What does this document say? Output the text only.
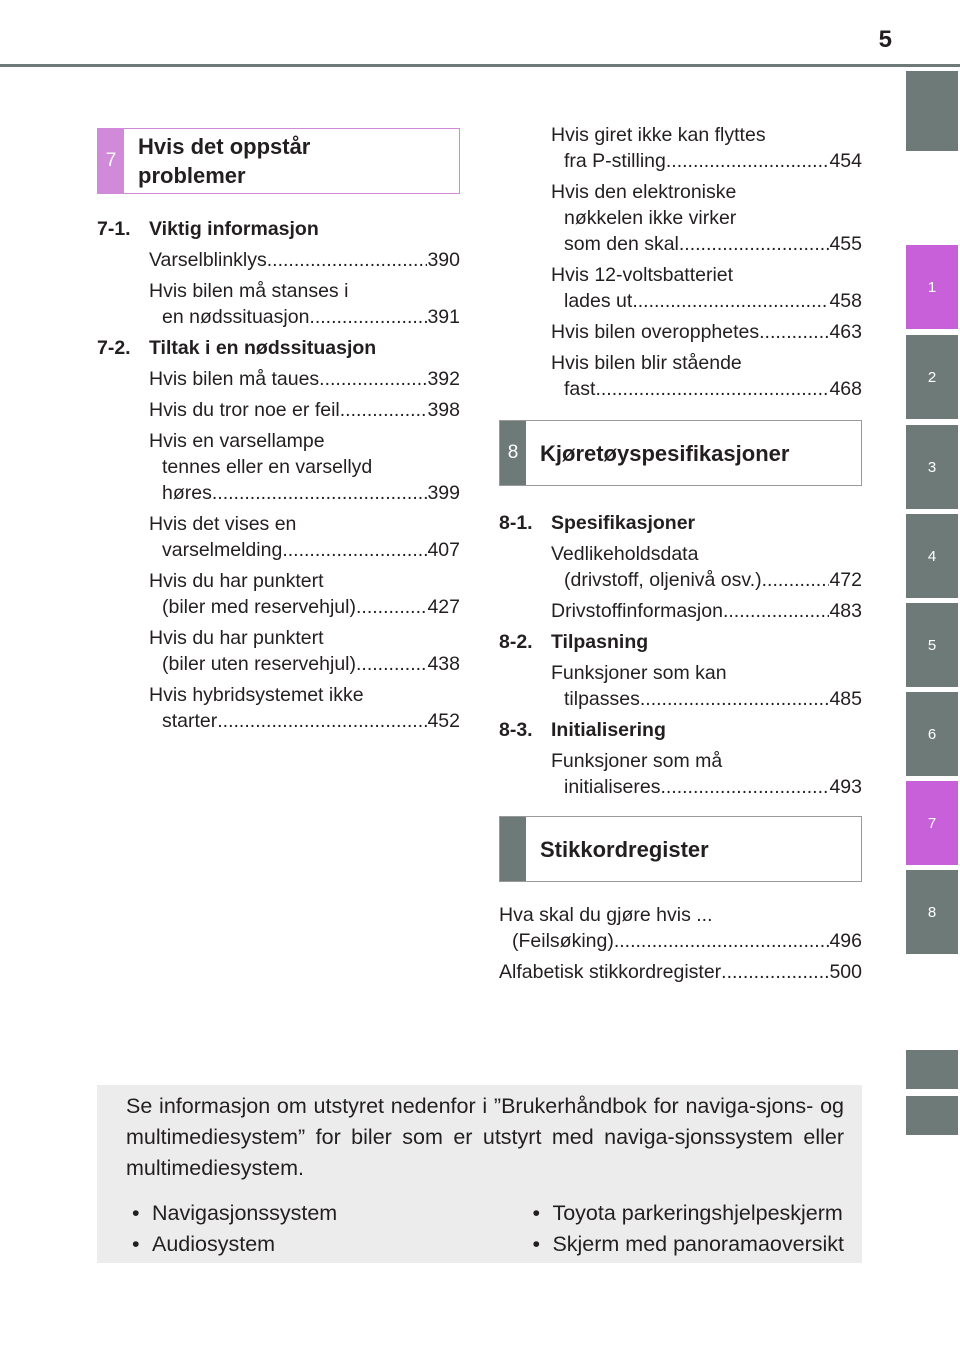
5
1
2
3
4
5
6
7
8
7
Hvis det oppstår
problemer
7-1. Viktig informasjon
Varselblinklys .....	390
Hvis bilen må stanses i
en nødssituasjon .....	391
7-2. Tiltak i en nødssituasjon
Hvis bilen må taues .....	392
Hvis du tror noe er feil .....	398
Hvis en varsellampe
tennes eller en varsellyd
høres .....	399
Hvis det vises en
varselmelding .....	407
Hvis du har punktert
(biler med reservehjul) .....	427
Hvis du har punktert
(biler uten reservehjul) .....	438
Hvis hybridsystemet ikke
starter .....	452
Hvis giret ikke kan flyttes
fra P-stilling .....	454
Hvis den elektroniske
nøkkelen ikke virker
som den skal .....	455
Hvis 12-voltsbatteriet
lades ut .....	458
Hvis bilen overopphetes .....	463
Hvis bilen blir stående
fast .....	468
8 Kjøretøyspesifikasjoner
8-1. Spesifikasjoner
Vedlikeholdsdata
(drivstoff, oljenivå osv.) .....	472
Drivstoffinformasjon .....	483
8-2. Tilpasning
Funksjoner som kan
tilpasses .....	485
8-3. Initialisering
Funksjoner som må
initialiseres .....	493
Stikkordregister
Hva skal du gjøre hvis ...
(Feilsøking) .....	496
Alfabetisk stikkordregister .....	500
Se informasjon om utstyret nedenfor i ”Brukerhåndbok for naviga-sjons- og multimediesystem” for biler som er utstyrt med naviga-sjonssystem eller multimediesystem.
• Navigasjonssystem
• Audiosystem
• Toyota parkeringshjelpeskjerm
• Skjerm med panoramaoversikt
